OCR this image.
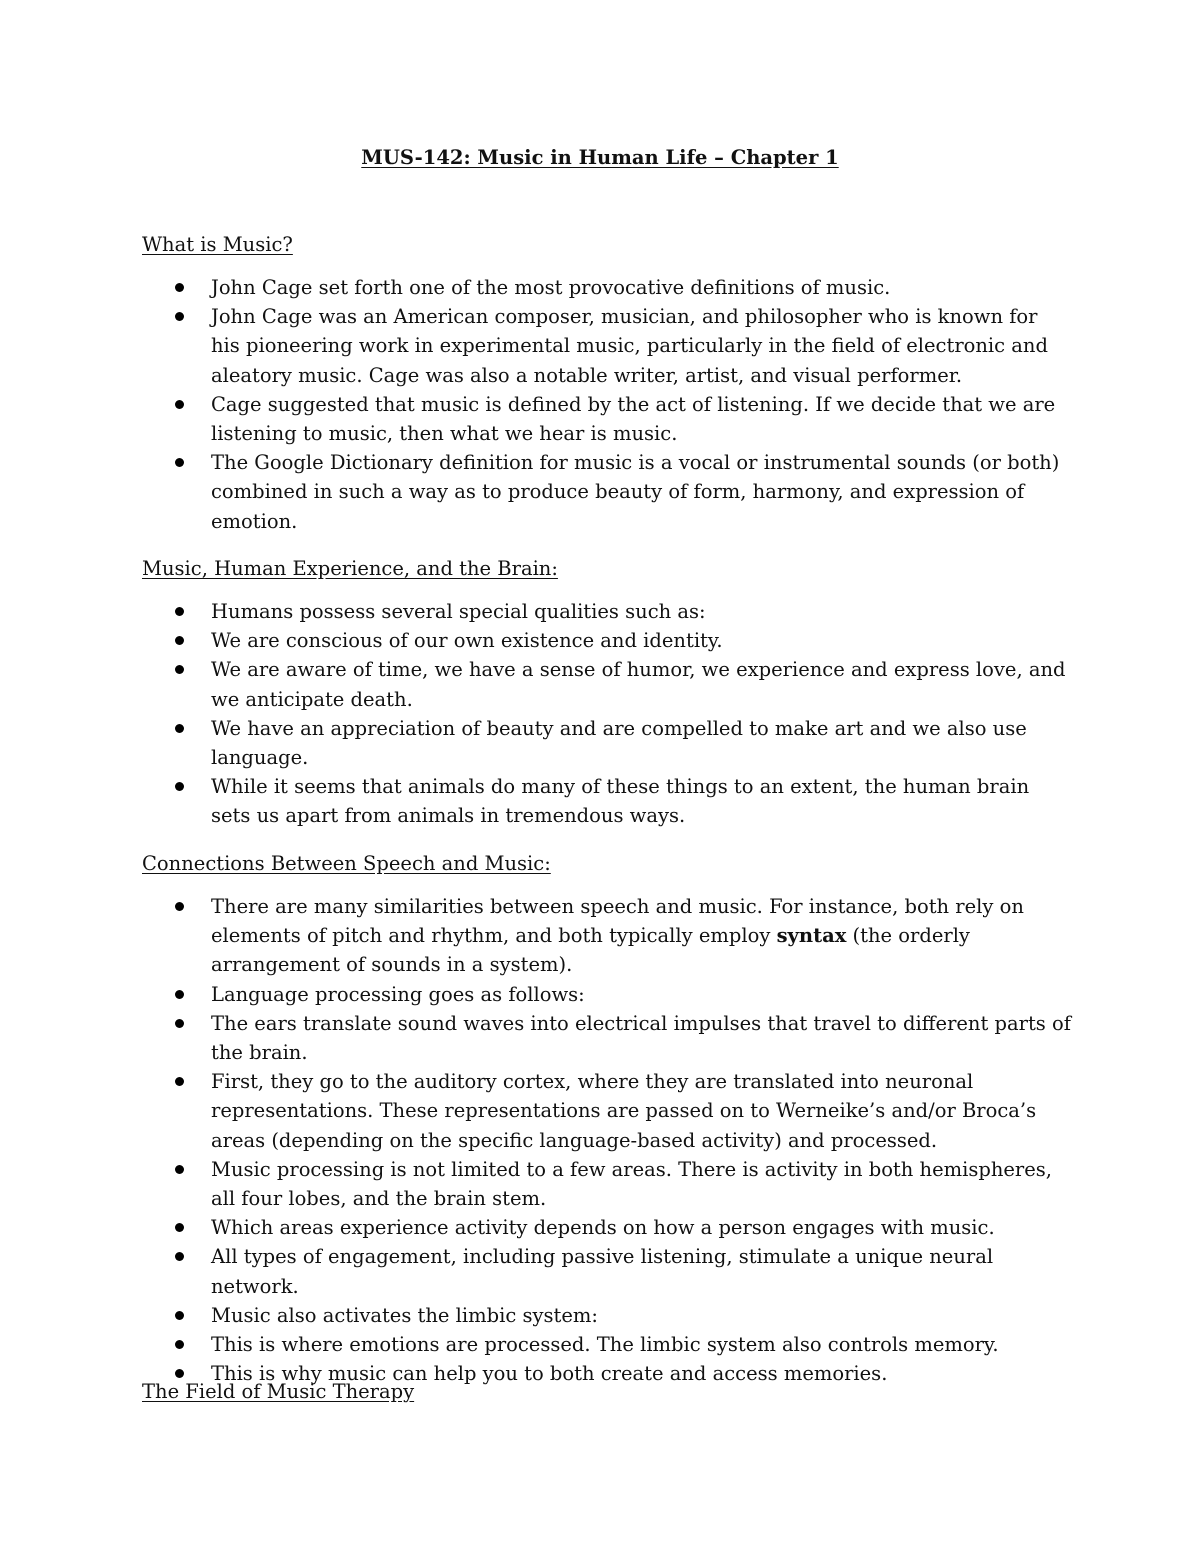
MUS-142: Music in Human Life – Chapter 1
What is Music?
John Cage set forth one of the most provocative definitions of music.
John Cage was an American composer, musician, and philosopher who is known for his pioneering work in experimental music, particularly in the field of electronic and aleatory music. Cage was also a notable writer, artist, and visual performer.
Cage suggested that music is defined by the act of listening. If we decide that we are listening to music, then what we hear is music.
The Google Dictionary definition for music is a vocal or instrumental sounds (or both) combined in such a way as to produce beauty of form, harmony, and expression of emotion.
Music, Human Experience, and the Brain:
Humans possess several special qualities such as:
We are conscious of our own existence and identity.
We are aware of time, we have a sense of humor, we experience and express love, and we anticipate death.
We have an appreciation of beauty and are compelled to make art and we also use language.
While it seems that animals do many of these things to an extent, the human brain sets us apart from animals in tremendous ways.
Connections Between Speech and Music:
There are many similarities between speech and music. For instance, both rely on elements of pitch and rhythm, and both typically employ syntax (the orderly arrangement of sounds in a system).
Language processing goes as follows:
The ears translate sound waves into electrical impulses that travel to different parts of the brain.
First, they go to the auditory cortex, where they are translated into neuronal representations. These representations are passed on to Werneike’s and/or Broca’s areas (depending on the specific language-based activity) and processed.
Music processing is not limited to a few areas. There is activity in both hemispheres, all four lobes, and the brain stem.
Which areas experience activity depends on how a person engages with music.
All types of engagement, including passive listening, stimulate a unique neural network.
Music also activates the limbic system:
This is where emotions are processed. The limbic system also controls memory.
This is why music can help you to both create and access memories.
The Field of Music Therapy
